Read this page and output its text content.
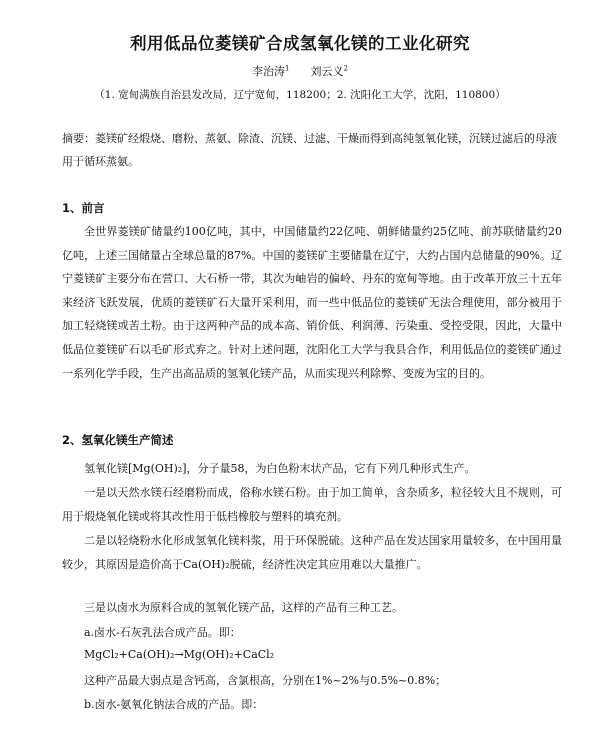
利用低品位菱镁矿合成氢氧化镁的工业化研究
李治涛$^1$ 刘云义$^2$
（1. 宽甸满族自治县发改局，辽宁宽甸，118200；2. 沈阳化工大学，沈阳，110800）
摘要：菱镁矿经煅烧、磨粉、蒸氨、除渣、沉镁、过滤、干燥而得到高纯氢氧化镁，沉镁过滤后的母液用于循环蒸氨。
1、前言
全世界菱镁矿储量约100亿吨，其中，中国储量约22亿吨、朝鲜储量约25亿吨、前苏联储量约20亿吨，上述三国储量占全球总量的87%。中国的菱镁矿主要储量在辽宁，大约占国内总储量的90%。辽宁菱镁矿主要分布在营口、大石桥一带，其次为岫岩的偏岭、丹东的宽甸等地。由于改革开放三十五年来经济飞跃发展，优质的菱镁矿石大量开采利用，而一些中低品位的菱镁矿无法合理使用，部分被用于加工轻烧镁或苦土粉。由于这两种产品的成本高、销价低、利润薄、污染重、受控受限，因此，大量中低品位菱镁矿石以毛矿形式弃之。针对上述问题，沈阳化工大学与我县合作，利用低品位的菱镁矿通过一系列化学手段，生产出高品质的氢氧化镁产品，从而实现兴利除弊、变废为宝的目的。
2、氢氧化镁生产简述
氢氧化镁[Mg(OH)₂]，分子量58，为白色粉末状产品，它有下列几种形式生产。
一是以天然水镁石经磨粉而成，俗称水镁石粉。由于加工简单，含杂质多，粒径较大且不规则，可用于煅烧氧化镁或将其改性用于低档橡胶与塑料的填充剂。
二是以轻烧粉水化形成氢氧化镁料浆，用于环保脱硫。这种产品在发达国家用量较多，在中国用量较少，其原因是造价高于Ca(OH)₂脱硫，经济性决定其应用难以大量推广。
三是以卤水为原料合成的氢氧化镁产品，这样的产品有三种工艺。
a.卤水-石灰乳法合成产品。即：
MgCl₂+Ca(OH)₂→Mg(OH)₂+CaCl₂
这种产品最大弱点是含钙高，含氯根高，分别在1%~2%与0.5%~0.8%；
b.卤水-氨氧化钠法合成的产品。即：
